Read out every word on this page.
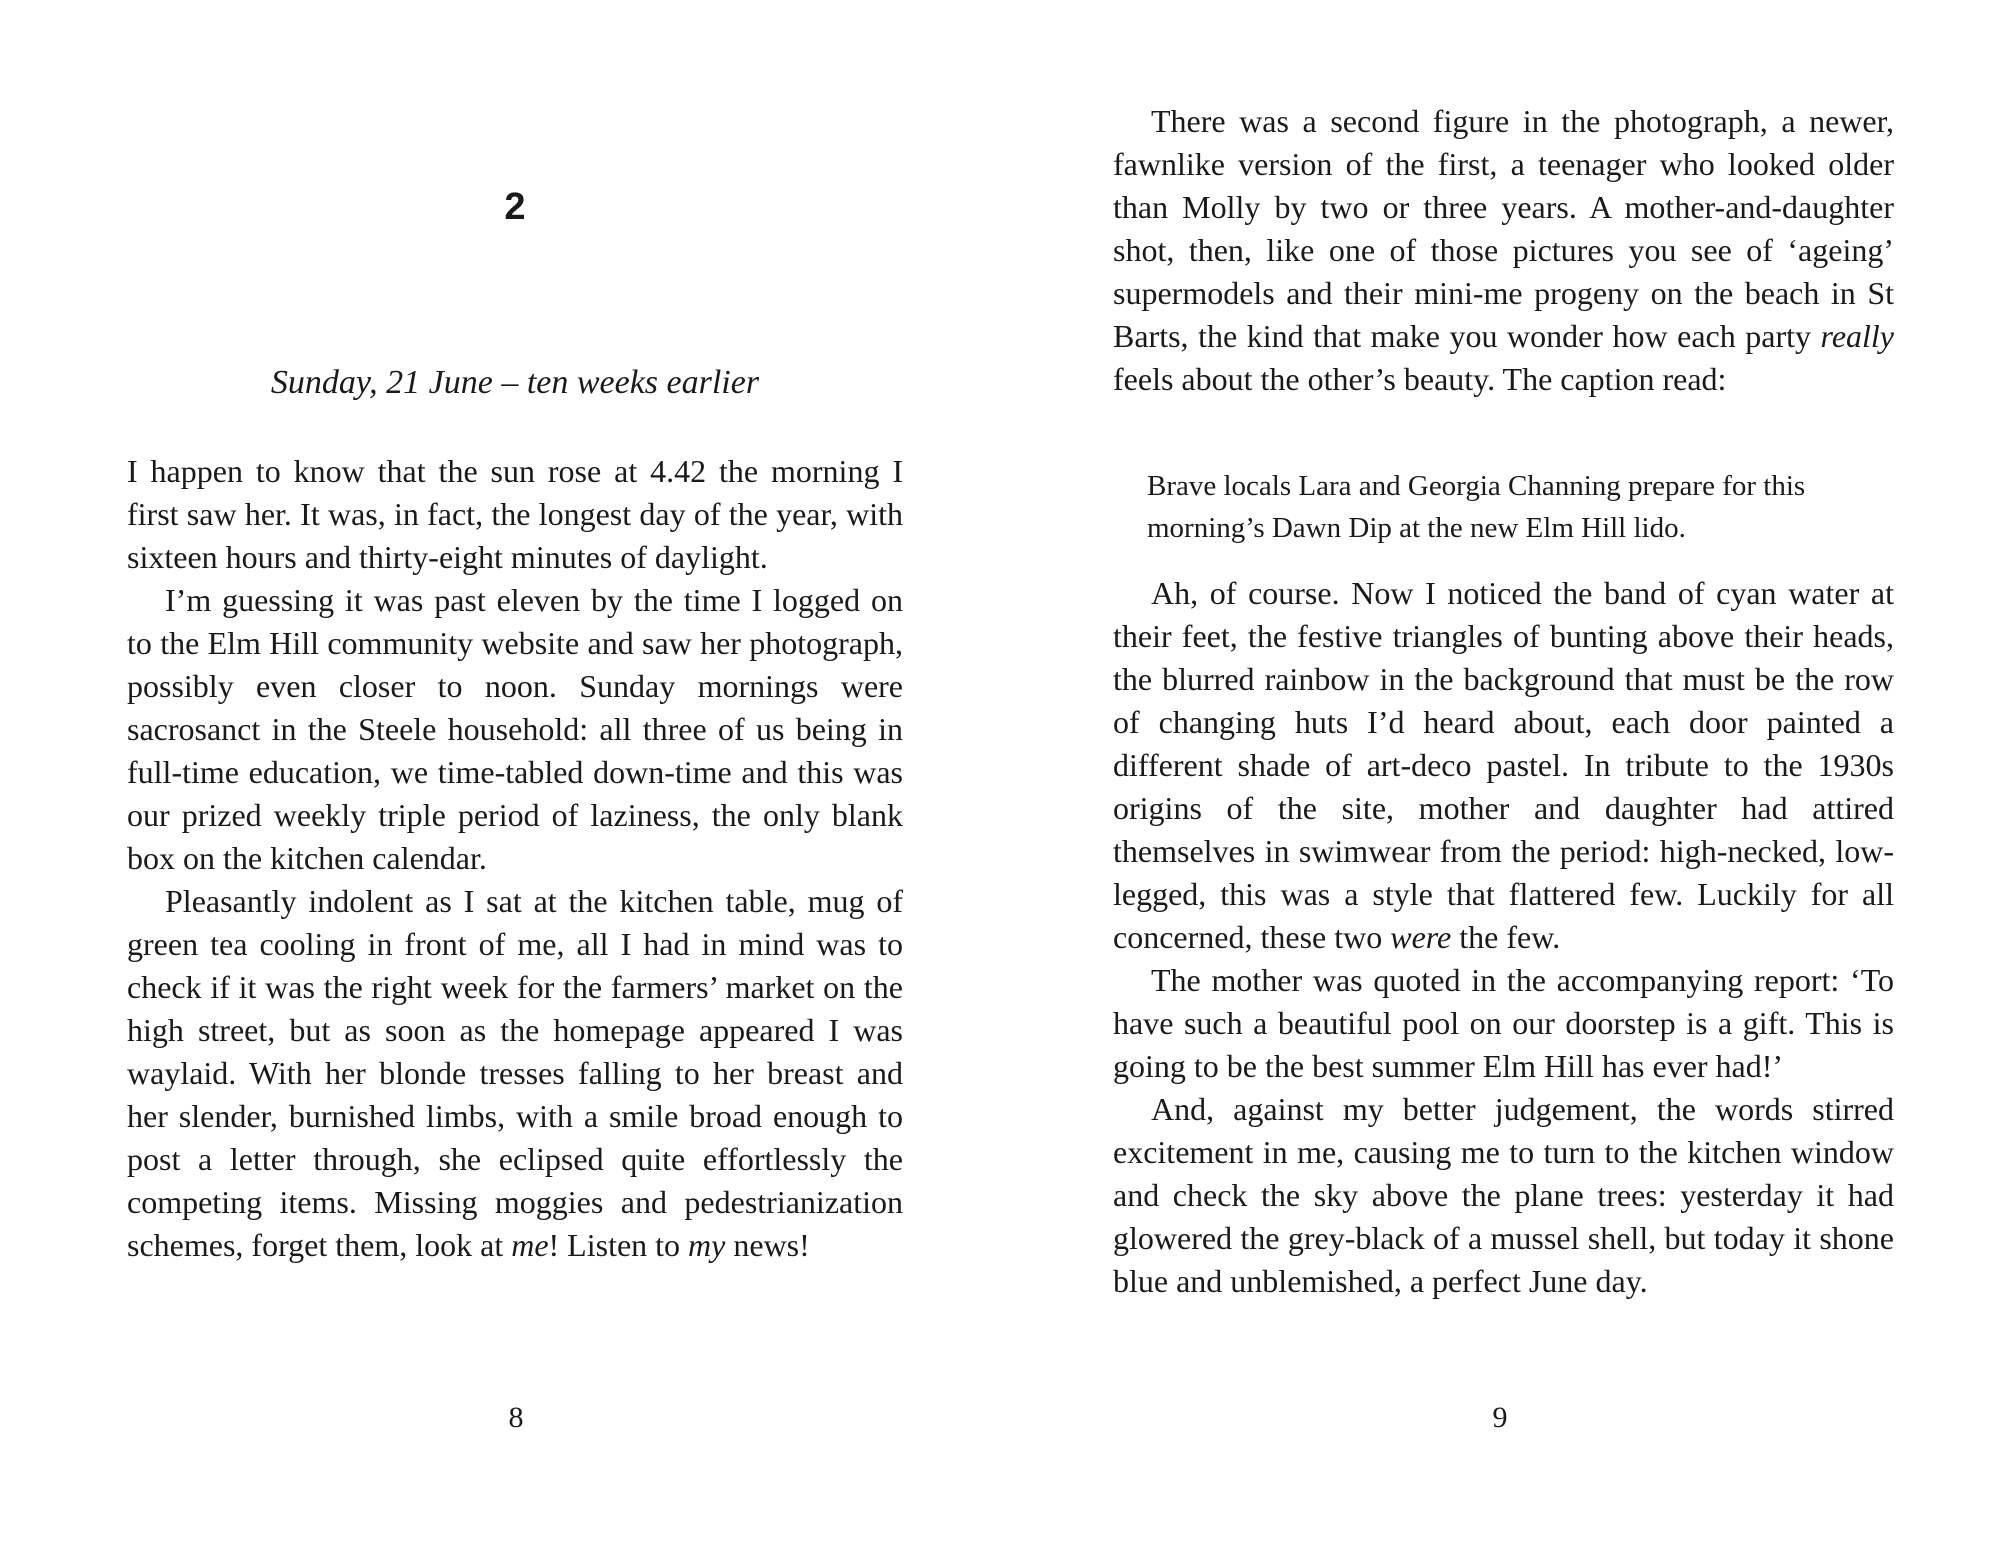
2
Sunday, 21 June – ten weeks earlier

I happen to know that the sun rose at 4.42 the morning I first saw her. It was, in fact, the longest day of the year, with sixteen hours and thirty-eight minutes of daylight.

I’m guessing it was past eleven by the time I logged on to the Elm Hill community website and saw her photograph, possibly even closer to noon. Sunday mornings were sacrosanct in the Steele household: all three of us being in full-time education, we time-tabled down-time and this was our prized weekly triple period of laziness, the only blank box on the kitchen calendar.

Pleasantly indolent as I sat at the kitchen table, mug of green tea cooling in front of me, all I had in mind was to check if it was the right week for the farmers’ market on the high street, but as soon as the homepage appeared I was waylaid. With her blonde tresses falling to her breast and her slender, burnished limbs, with a smile broad enough to post a letter through, she eclipsed quite effortlessly the competing items. Missing moggies and pedestrianization schemes, forget them, look at me! Listen to my news!

8

There was a second figure in the photograph, a newer, fawnlike version of the first, a teenager who looked older than Molly by two or three years. A mother-and-daughter shot, then, like one of those pictures you see of ‘ageing’ supermodels and their mini-me progeny on the beach in St Barts, the kind that make you wonder how each party really feels about the other’s beauty. The caption read:

Brave locals Lara and Georgia Channing prepare for this morning’s Dawn Dip at the new Elm Hill lido.

Ah, of course. Now I noticed the band of cyan water at their feet, the festive triangles of bunting above their heads, the blurred rainbow in the background that must be the row of changing huts I’d heard about, each door painted a different shade of art-deco pastel. In tribute to the 1930s origins of the site, mother and daughter had attired themselves in swimwear from the period: high-necked, low-legged, this was a style that flattered few. Luckily for all concerned, these two were the few.

The mother was quoted in the accompanying report: ‘To have such a beautiful pool on our doorstep is a gift. This is going to be the best summer Elm Hill has ever had!’

And, against my better judgement, the words stirred excitement in me, causing me to turn to the kitchen window and check the sky above the plane trees: yesterday it had glowered the grey-black of a mussel shell, but today it shone blue and unblemished, a perfect June day.

9
